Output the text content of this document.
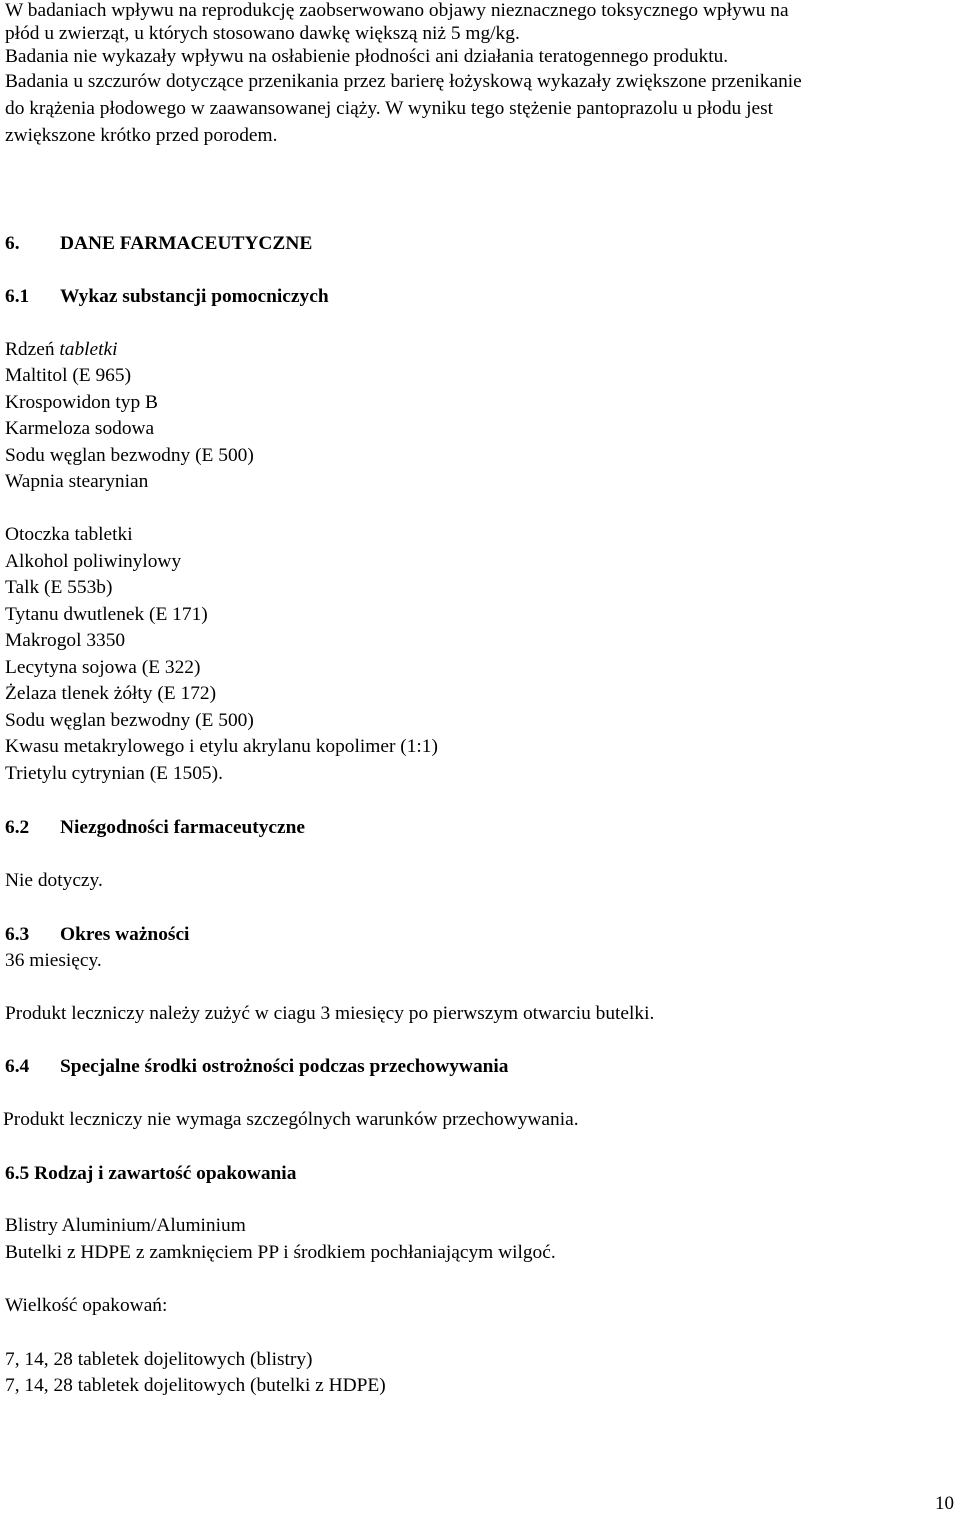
W badaniach wpływu na reprodukcję zaobserwowano objawy nieznacznego toksycznego wpływu na
płód u zwierząt, u których stosowano dawkę większą niż 5 mg/kg.
Badania nie wykazały wpływu na osłabienie płodności ani działania teratogennego produktu.
Badania u szczurów dotyczące przenikania przez barierę łożyskową wykazały zwiększone przenikanie
do krążenia płodowego w zaawansowanej ciąży. W wyniku tego stężenie pantoprazolu u płodu jest
zwiększone krótko przed porodem.
6. DANE FARMACEUTYCZNE
6.1 Wykaz substancji pomocniczych
Rdzeń tabletki
Maltitol (E 965)
Krospowidon typ B
Karmeloza sodowa
Sodu węglan bezwodny (E 500)
Wapnia stearynian
Otoczka tabletki
Alkohol poliwinylowy
Talk (E 553b)
Tytanu dwutlenek (E 171)
Makrogol 3350
Lecytyna sojowa (E 322)
Żelaza tlenek żółty (E 172)
Sodu węglan bezwodny (E 500)
Kwasu metakrylowego i etylu akrylanu kopolimer (1:1)
Trietylu cytrynian (E 1505).
6.2 Niezgodności farmaceutyczne
Nie dotyczy.
6.3 Okres ważności
36 miesięcy.
Produkt leczniczy należy zużyć w ciagu 3 miesięcy po pierwszym otwarciu butelki.
6.4 Specjalne środki ostrożności podczas przechowywania
Produkt leczniczy nie wymaga szczególnych warunków przechowywania.
6.5 Rodzaj i zawartość opakowania
Blistry Aluminium/Aluminium
Butelki z HDPE z zamknięciem PP i środkiem pochłaniającym wilgoć.
Wielkość opakowań:
7, 14, 28 tabletek dojelitowych (blistry)
7, 14, 28 tabletek dojelitowych (butelki z HDPE)
10
